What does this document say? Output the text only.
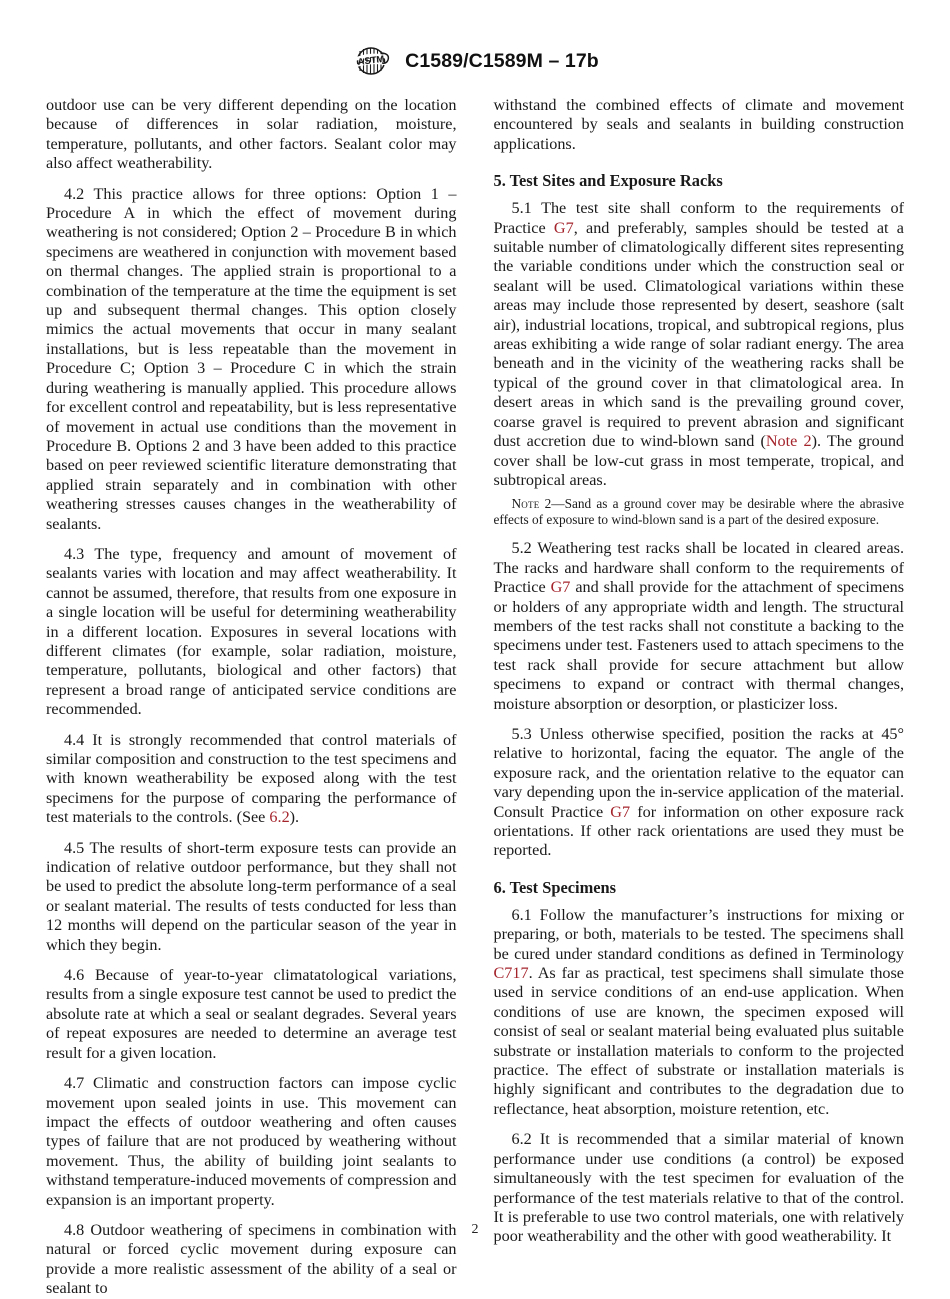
ASTM C1589/C1589M – 17b

outdoor use can be very different depending on the location because of differences in solar radiation, moisture, temperature, pollutants, and other factors. Sealant color may also affect weatherability.

4.2 This practice allows for three options: Option 1 – Procedure A in which the effect of movement during weathering is not considered; Option 2 – Procedure B in which specimens are weathered in conjunction with movement based on thermal changes. The applied strain is proportional to a combination of the temperature at the time the equipment is set up and subsequent thermal changes. This option closely mimics the actual movements that occur in many sealant installations, but is less repeatable than the movement in Procedure C; Option 3 – Procedure C in which the strain during weathering is manually applied. This procedure allows for excellent control and repeatability, but is less representative of movement in actual use conditions than the movement in Procedure B. Options 2 and 3 have been added to this practice based on peer reviewed scientific literature demonstrating that applied strain separately and in combination with other weathering stresses causes changes in the weatherability of sealants.

4.3 The type, frequency and amount of movement of sealants varies with location and may affect weatherability. It cannot be assumed, therefore, that results from one exposure in a single location will be useful for determining weatherability in a different location. Exposures in several locations with different climates (for example, solar radiation, moisture, temperature, pollutants, biological and other factors) that represent a broad range of anticipated service conditions are recommended.

4.4 It is strongly recommended that control materials of similar composition and construction to the test specimens and with known weatherability be exposed along with the test specimens for the purpose of comparing the performance of test materials to the controls. (See 6.2).

4.5 The results of short-term exposure tests can provide an indication of relative outdoor performance, but they shall not be used to predict the absolute long-term performance of a seal or sealant material. The results of tests conducted for less than 12 months will depend on the particular season of the year in which they begin.

4.6 Because of year-to-year climatatological variations, results from a single exposure test cannot be used to predict the absolute rate at which a seal or sealant degrades. Several years of repeat exposures are needed to determine an average test result for a given location.

4.7 Climatic and construction factors can impose cyclic movement upon sealed joints in use. This movement can impact the effects of outdoor weathering and often causes types of failure that are not produced by weathering without movement. Thus, the ability of building joint sealants to withstand temperature-induced movements of compression and expansion is an important property.

4.8 Outdoor weathering of specimens in combination with natural or forced cyclic movement during exposure can provide a more realistic assessment of the ability of a seal or sealant to

withstand the combined effects of climate and movement encountered by seals and sealants in building construction applications.

5. Test Sites and Exposure Racks

5.1 The test site shall conform to the requirements of Practice G7, and preferably, samples should be tested at a suitable number of climatologically different sites representing the variable conditions under which the construction seal or sealant will be used. Climatological variations within these areas may include those represented by desert, seashore (salt air), industrial locations, tropical, and subtropical regions, plus areas exhibiting a wide range of solar radiant energy. The area beneath and in the vicinity of the weathering racks shall be typical of the ground cover in that climatological area. In desert areas in which sand is the prevailing ground cover, coarse gravel is required to prevent abrasion and significant dust accretion due to wind-blown sand (Note 2). The ground cover shall be low-cut grass in most temperate, tropical, and subtropical areas.

Note 2—Sand as a ground cover may be desirable where the abrasive effects of exposure to wind-blown sand is a part of the desired exposure.

5.2 Weathering test racks shall be located in cleared areas. The racks and hardware shall conform to the requirements of Practice G7 and shall provide for the attachment of specimens or holders of any appropriate width and length. The structural members of the test racks shall not constitute a backing to the specimens under test. Fasteners used to attach specimens to the test rack shall provide for secure attachment but allow specimens to expand or contract with thermal changes, moisture absorption or desorption, or plasticizer loss.

5.3 Unless otherwise specified, position the racks at 45° relative to horizontal, facing the equator. The angle of the exposure rack, and the orientation relative to the equator can vary depending upon the in-service application of the material. Consult Practice G7 for information on other exposure rack orientations. If other rack orientations are used they must be reported.

6. Test Specimens

6.1 Follow the manufacturer’s instructions for mixing or preparing, or both, materials to be tested. The specimens shall be cured under standard conditions as defined in Terminology C717. As far as practical, test specimens shall simulate those used in service conditions of an end-use application. When conditions of use are known, the specimen exposed will consist of seal or sealant material being evaluated plus suitable substrate or installation materials to conform to the projected practice. The effect of substrate or installation materials is highly significant and contributes to the degradation due to reflectance, heat absorption, moisture retention, etc.

6.2 It is recommended that a similar material of known performance under use conditions (a control) be exposed simultaneously with the test specimen for evaluation of the performance of the test materials relative to that of the control. It is preferable to use two control materials, one with relatively poor weatherability and the other with good weatherability. It

2
